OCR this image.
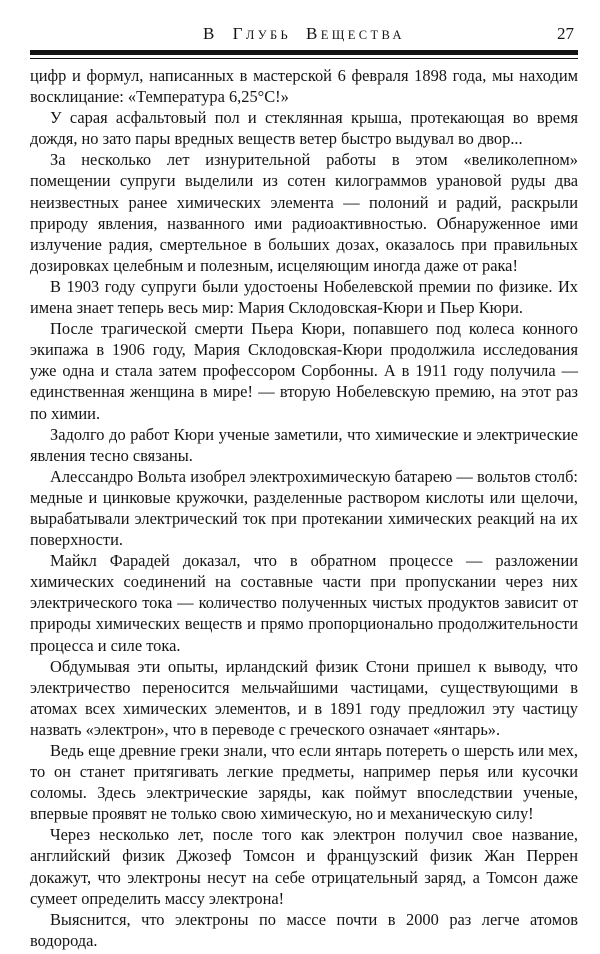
В ГЛУБЬ ВЕЩЕСТВА	27

цифр и формул, написанных в мастерской 6 февраля 1898 года, мы находим восклицание: «Температура 6,25°С!»

У сарая асфальтовый пол и стеклянная крыша, протекающая во время дождя, но зато пары вредных веществ ветер быстро выдувал во двор...

За несколько лет изнурительной работы в этом «великолепном» помещении супруги выделили из сотен килограммов урановой руды два неизвестных ранее химических элемента — полоний и радий, раскрыли природу явления, названного ими радиоактивностью. Обнаруженное ими излучение радия, смертельное в больших дозах, оказалось при правильных дозировках целебным и полезным, исцеляющим иногда даже от рака!

В 1903 году супруги были удостоены Нобелевской премии по физике. Их имена знает теперь весь мир: Мария Склодовская-Кюри и Пьер Кюри.

После трагической смерти Пьера Кюри, попавшего под колеса конного экипажа в 1906 году, Мария Склодовская-Кюри продолжила исследования уже одна и стала затем профессором Сорбонны. А в 1911 году получила — единственная женщина в мире! — вторую Нобелевскую премию, на этот раз по химии.

Задолго до работ Кюри ученые заметили, что химические и электрические явления тесно связаны.

Алессандро Вольта изобрел электрохимическую батарею — вольтов столб: медные и цинковые кружочки, разделенные раствором кислоты или щелочи, вырабатывали электрический ток при протекании химических реакций на их поверхности.

Майкл Фарадей доказал, что в обратном процессе — разложении химических соединений на составные части при пропускании через них электрического тока — количество полученных чистых продуктов зависит от природы химических веществ и прямо пропорционально продолжительности процесса и силе тока.

Обдумывая эти опыты, ирландский физик Стони пришел к выводу, что электричество переносится мельчайшими частицами, существующими в атомах всех химических элементов, и в 1891 году предложил эту частицу назвать «электрон», что в переводе с греческого означает «янтарь».

Ведь еще древние греки знали, что если янтарь потереть о шерсть или мех, то он станет притягивать легкие предметы, например перья или кусочки соломы. Здесь электрические заряды, как поймут впоследствии ученые, впервые проявят не только свою химическую, но и механическую силу!

Через несколько лет, после того как электрон получил свое название, английский физик Джозеф Томсон и французский физик Жан Перрен докажут, что электроны несут на себе отрицательный заряд, а Томсон даже сумеет определить массу электрона!

Выяснится, что электроны по массе почти в 2000 раз легче атомов водорода.
